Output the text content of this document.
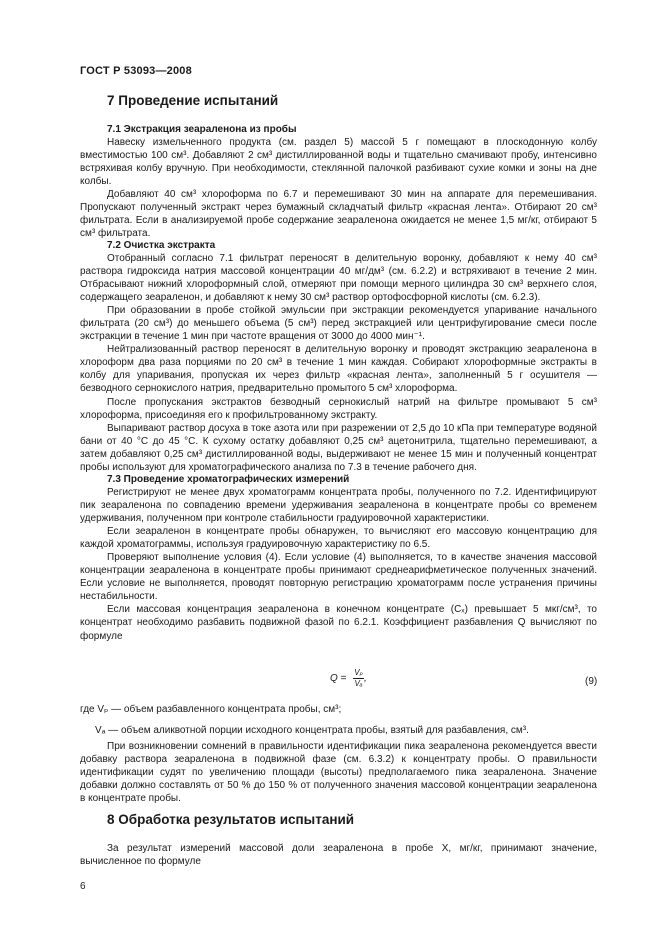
ГОСТ Р 53093—2008
7 Проведение испытаний
7.1 Экстракция зеараленона из пробы

Навеску измельченного продукта (см. раздел 5) массой 5 г помещают в плоскодонную колбу вместимостью 100 см³. Добавляют 2 см³ дистиллированной воды и тщательно смачивают пробу, интенсивно встряхивая колбу вручную. При необходимости, стеклянной палочкой разбивают сухие комки и зоны на дне колбы.

Добавляют 40 см³ хлороформа по 6.7 и перемешивают 30 мин на аппарате для перемешивания. Пропускают полученный экстракт через бумажный складчатый фильтр «красная лента». Отбирают 20 см³ фильтрата. Если в анализируемой пробе содержание зеараленона ожидается не менее 1,5 мг/кг, отбирают 5 см³ фильтрата.

7.2 Очистка экстракта

Отобранный согласно 7.1 фильтрат переносят в делительную воронку, добавляют к нему 40 см³ раствора гидроксида натрия массовой концентрации 40 мг/дм³ (см. 6.2.2) и встряхивают в течение 2 мин. Отбрасывают нижний хлороформный слой, отмеряют при помощи мерного цилиндра 30 см³ верхнего слоя, содержащего зеараленон, и добавляют к нему 30 см³ раствор ортофосфорной кислоты (см. 6.2.3).

При образовании в пробе стойкой эмульсии при экстракции рекомендуется упаривание начального фильтрата (20 см³) до меньшего объема (5 см³) перед экстракцией или центрифугирование смеси после экстракции в течение 1 мин при частоте вращения от 3000 до 4000 мин⁻¹.

Нейтрализованный раствор переносят в делительную воронку и проводят экстракцию зеараленона в хлороформ два раза порциями по 20 см³ в течение 1 мин каждая. Собирают хлороформные экстракты в колбу для упаривания, пропуская их через фильтр «красная лента», заполненный 5 г осушителя — безводного сернокислого натрия, предварительно промытого 5 см³ хлороформа.

После пропускания экстрактов безводный сернокислый натрий на фильтре промывают 5 см³ хлороформа, присоединяя его к профильтрованному экстракту.

Выпаривают раствор досуха в токе азота или при разрежении от 2,5 до 10 кПа при температуре водяной бани от 40 °С до 45 °С. К сухому остатку добавляют 0,25 см³ ацетонитрила, тщательно перемешивают, а затем добавляют 0,25 см³ дистиллированной воды, выдерживают не менее 15 мин и полученный концентрат пробы используют для хроматографического анализа по 7.3 в течение рабочего дня.

7.3 Проведение хроматографических измерений

Регистрируют не менее двух хроматограмм концентрата пробы, полученного по 7.2. Идентифицируют пик зеараленона по совпадению времени удерживания зеараленона в концентрате пробы со временем удерживания, полученном при контроле стабильности градуировочной характеристики.

Если зеараленон в концентрате пробы обнаружен, то вычисляют его массовую концентрацию для каждой хроматограммы, используя градуировочную характеристику по 6.5.

Проверяют выполнение условия (4). Если условие (4) выполняется, то в качестве значения массовой концентрации зеараленона в концентрате пробы принимают среднеарифметическое полученных значений. Если условие не выполняется, проводят повторную регистрацию хроматограмм после устранения причины нестабильности.

Если массовая концентрация зеараленона в конечном концентрате (Cₓ) превышает 5 мкг/см³, то концентрат необходимо разбавить подвижной фазой по 6.2.1. Коэффициент разбавления Q вычисляют по формуле

$Q = \frac{\text{Vₚ}}{\text{Vₐ}}$ ,	(9)

где Vₚ — объем разбавленного концентрата пробы, см³;

Vₐ — объем аликвотной порции исходного концентрата пробы, взятый для разбавления, см³.

При возникновении сомнений в правильности идентификации пика зеараленона рекомендуется ввести добавку раствора зеараленона в подвижной фазе (см. 6.3.2) к концентрату пробы. О правильности идентификации судят по увеличению площади (высоты) предполагаемого пика зеараленона. Значение добавки должно составлять от 50 % до 150 % от полученного значения массовой концентрации зеараленона в концентрате пробы.

8 Обработка результатов испытаний

За результат измерений массовой доли зеараленона в пробе X, мг/кг, принимают значение, вычисленное по формуле

6
